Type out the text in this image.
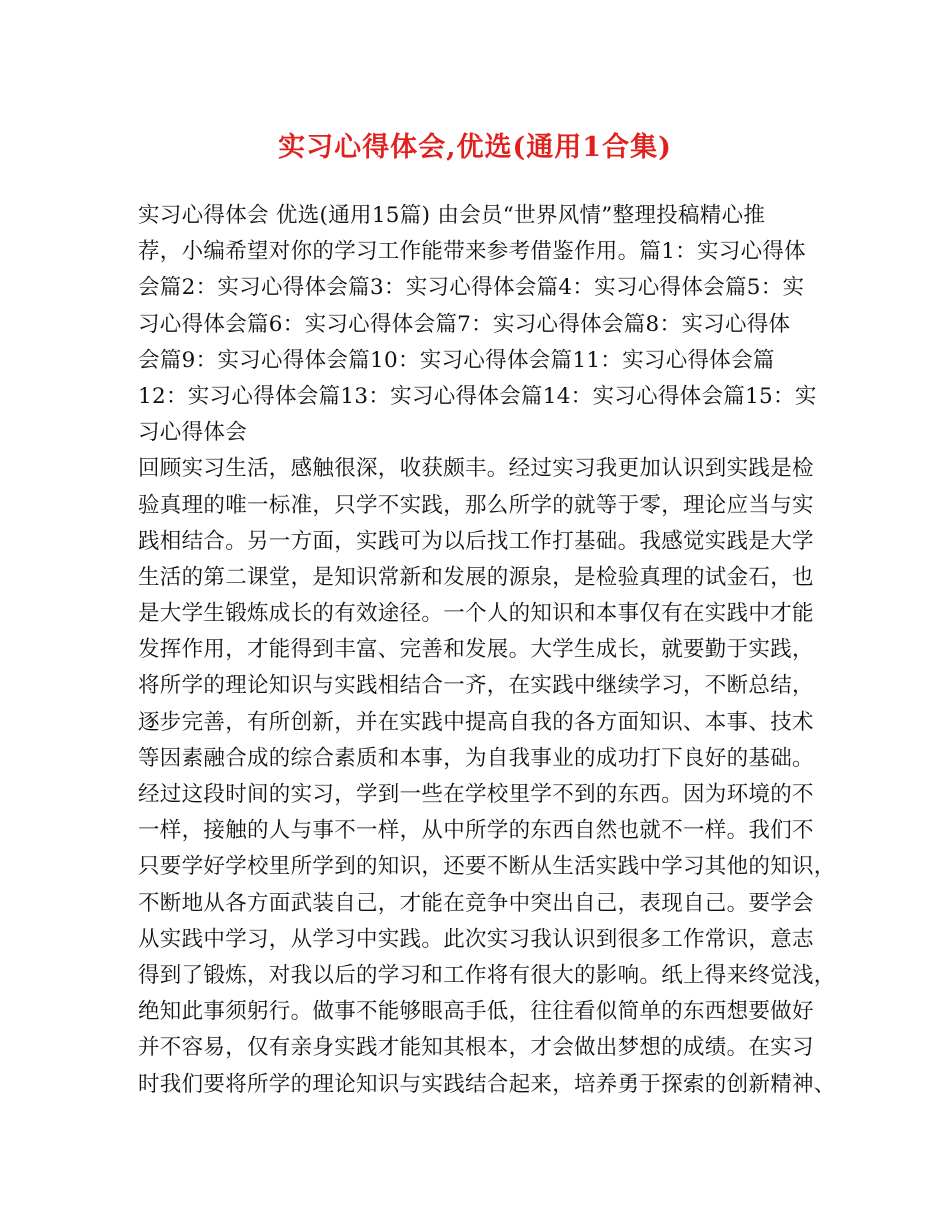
实习心得体会,优选(通用1合集)
实习心得体会 优选(通用15篇) 由会员“世界风情”整理投稿精心推
荐，小编希望对你的学习工作能带来参考借鉴作用。篇1：实习心得体
会篇2：实习心得体会篇3：实习心得体会篇4：实习心得体会篇5：实
习心得体会篇6：实习心得体会篇7：实习心得体会篇8：实习心得体
会篇9：实习心得体会篇10：实习心得体会篇11：实习心得体会篇
12：实习心得体会篇13：实习心得体会篇14：实习心得体会篇15：实
习心得体会
回顾实习生活，感触很深，收获颇丰。经过实习我更加认识到实践是检
验真理的唯一标准，只学不实践，那么所学的就等于零，理论应当与实
践相结合。另一方面，实践可为以后找工作打基础。我感觉实践是大学
生活的第二课堂，是知识常新和发展的源泉，是检验真理的试金石，也
是大学生锻炼成长的有效途径。一个人的知识和本事仅有在实践中才能
发挥作用，才能得到丰富、完善和发展。大学生成长，就要勤于实践，
将所学的理论知识与实践相结合一齐，在实践中继续学习，不断总结，
逐步完善，有所创新，并在实践中提高自我的各方面知识、本事、技术
等因素融合成的综合素质和本事，为自我事业的成功打下良好的基础。
经过这段时间的实习，学到一些在学校里学不到的东西。因为环境的不
一样，接触的人与事不一样，从中所学的东西自然也就不一样。我们不
只要学好学校里所学到的知识，还要不断从生活实践中学习其他的知识，
不断地从各方面武装自己，才能在竞争中突出自己，表现自己。要学会
从实践中学习，从学习中实践。此次实习我认识到很多工作常识，意志
得到了锻炼，对我以后的学习和工作将有很大的影响。纸上得来终觉浅，
绝知此事须躬行。做事不能够眼高手低，往往看似简单的东西想要做好
并不容易，仅有亲身实践才能知其根本，才会做出梦想的成绩。在实习
时我们要将所学的理论知识与实践结合起来，培养勇于探索的创新精神、
